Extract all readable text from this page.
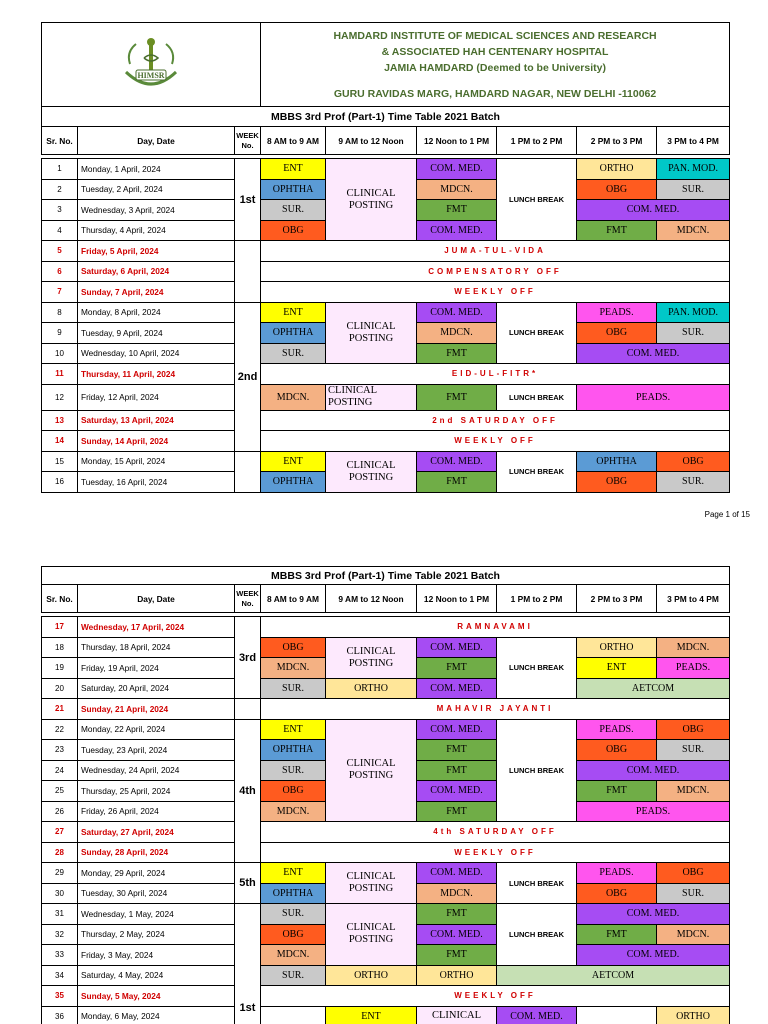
HIMSR			HAMDARD INSTITUTE OF MEDICAL SCIENCES AND RESEARCH
& ASSOCIATED HAH CENTENARY HOSPITAL
JAMIA HAMDARD (Deemed to be University)
GURU RAVIDAS MARG, HAMDARD NAGAR, NEW DELHI -110062					

MBBS 3rd Prof (Part-1) Time Table 2021 Batch								
Sr. No.	Day, Date	WEEK No.	8 AM to 9 AM	9 AM to 12 Noon	12 Noon to 1 PM	1 PM to 2 PM	2 PM to 3 PM	3 PM to 4 PM

1	Monday, 1 April, 2024	1st	ENT	CLINICAL POSTING	COM. MED.	LUNCH BREAK	ORTHO	PAN. MOD.
2	Tuesday, 2 April, 2024		OPHTHA		MDCN.		OBG	SUR.
3	Wednesday, 3 April, 2024		SUR.		FMT		COM. MED.	
4	Thursday, 4 April, 2024		OBG		COM. MED.		FMT	MDCN.
5	Friday, 5 April, 2024		JUMA-TUL-VIDA					
6	Saturday, 6 April, 2024		COMPENSATORY OFF					
7	Sunday, 7 April, 2024		WEEKLY OFF					
8	Monday, 8 April, 2024	2nd	ENT	CLINICAL POSTING	COM. MED.	LUNCH BREAK	PEADS.	PAN. MOD.
9	Tuesday, 9 April, 2024		OPHTHA		MDCN.		OBG	SUR.
10	Wednesday, 10 April, 2024		SUR.		FMT		COM. MED.	
11	Thursday, 11 April, 2024		EID-UL-FITR*					
12	Friday, 12 April, 2024		MDCN.	CLINICAL POSTING	FMT	LUNCH BREAK	PEADS.	
13	Saturday, 13 April, 2024		2nd SATURDAY OFF					
14	Sunday, 14 April, 2024		WEEKLY OFF					
15	Monday, 15 April, 2024		ENT	CLINICAL POSTING	COM. MED.	LUNCH BREAK	OPHTHA	OBG
16	Tuesday, 16 April, 2024		OPHTHA		FMT		OBG	SUR.
Page 1 of 15
MBBS 3rd Prof (Part-1) Time Table 2021 Batch									
Sr. No.	Day, Date	WEEK No.	8 AM to 9 AM	9 AM to 12 Noon	12 Noon to 1 PM	1 PM to 2 PM	2 PM to 3 PM	3 PM to 4 PM	

17	Wednesday, 17 April, 2024	3rd	RAMNAVAMI						
18	Thursday, 18 April, 2024		OBG	CLINICAL POSTING	COM. MED.	LUNCH BREAK	ORTHO	MDCN.	
19	Friday, 19 April, 2024		MDCN.		FMT		ENT	PEADS.	
20	Saturday, 20 April, 2024		SUR.	ORTHO	COM. MED.		AETCOM		
21	Sunday, 21 April, 2024		MAHAVIR JAYANTI						
22	Monday, 22 April, 2024	4th	ENT	CLINICAL POSTING	COM. MED.	LUNCH BREAK	PEADS.	OBG	
23	Tuesday, 23 April, 2024		OPHTHA		FMT		OBG	SUR.	
24	Wednesday, 24 April, 2024		SUR.		FMT		COM. MED.		
25	Thursday, 25 April, 2024		OBG		COM. MED.		FMT	MDCN.	
26	Friday, 26 April, 2024		MDCN.		FMT		PEADS.		
27	Saturday, 27 April, 2024		4th SATURDAY OFF						
28	Sunday, 28 April, 2024		WEEKLY OFF						
29	Monday, 29 April, 2024	5th	ENT	CLINICAL POSTING	COM. MED.	LUNCH BREAK	PEADS.	OBG	
30	Tuesday, 30 April, 2024		OPHTHA		MDCN.		OBG	SUR.	
31	Wednesday, 1 May, 2024	1st	SUR.	CLINICAL POSTING	FMT	LUNCH BREAK	COM. MED.		
32	Thursday, 2 May, 2024		OBG		COM. MED.		FMT	MDCN.	
33	Friday, 3 May, 2024		MDCN.		FMT		COM. MED.		
34	Saturday, 4 May, 2024		SUR.	ORTHO	ORTHO	AETCOM			
35	Sunday, 5 May, 2024		WEEKLY OFF						
36	Monday, 6 May, 2024			ENT	CLINICAL	COM. MED.		ORTHO	
